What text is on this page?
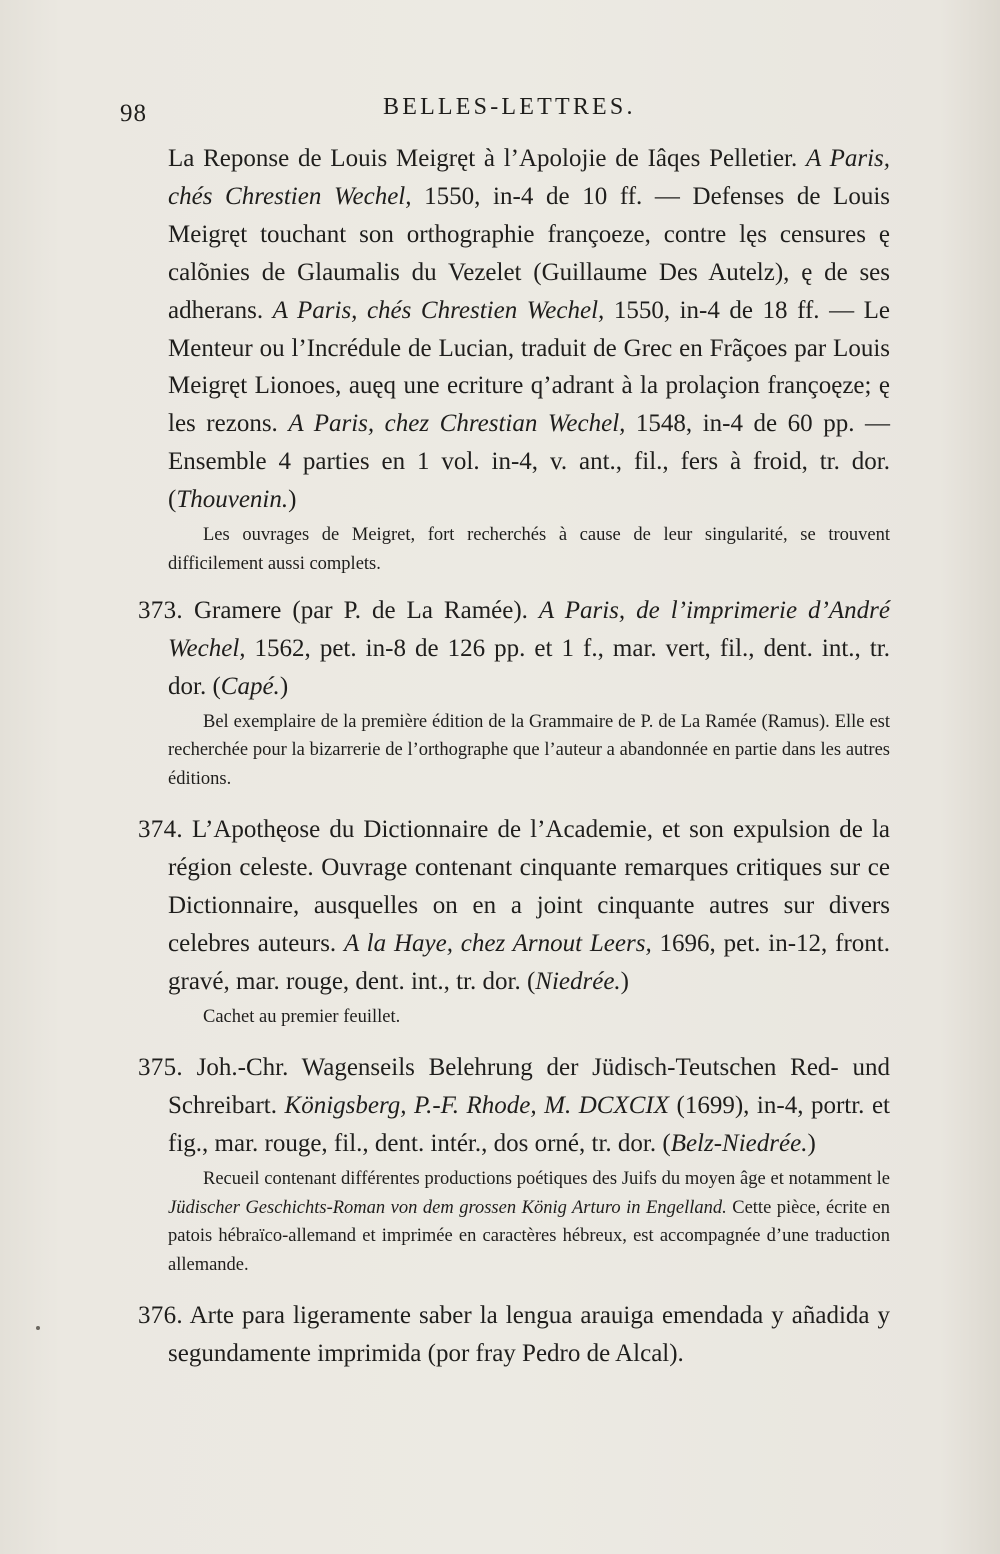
98	BELLES-LETTRES.

La Reponse de Louis Meigręt à l’Apolojie de Iâqes Pelletier. A Paris, chés Chrestien Wechel, 1550, in-4 de 10 ff. — Defenses de Louis Meigręt touchant son orthographie françoeze, contre lęs censures ę calõnies de Glaumalis du Vezelet (Guillaume Des Autelz), ę de ses adherans. A Paris, chés Chrestien Wechel, 1550, in-4 de 18 ff. — Le Menteur ou l’Incrédule de Lucian, traduit de Grec en Frãçoes par Louis Meigręt Lionoes, auęq une ecriture q’adrant à la prolaçion françoęze; ę les rezons. A Paris, chez Chrestian Wechel, 1548, in-4 de 60 pp. — Ensemble 4 parties en 1 vol. in-4, v. ant., fil., fers à froid, tr. dor. (Thouvenin.)

Les ouvrages de Meigret, fort recherchés à cause de leur singularité, se trouvent difficilement aussi complets.

373. Gramere (par P. de La Ramée). A Paris, de l’imprimerie d’André Wechel, 1562, pet. in-8 de 126 pp. et 1 f., mar. vert, fil., dent. int., tr. dor. (Capé.)

Bel exemplaire de la première édition de la Grammaire de P. de La Ramée (Ramus). Elle est recherchée pour la bizarrerie de l’orthographe que l’auteur a abandonnée en partie dans les autres éditions.

374. L’Apothęose du Dictionnaire de l’Academie, et son expulsion de la région celeste. Ouvrage contenant cinquante remarques critiques sur ce Dictionnaire, ausquelles on en a joint cinquante autres sur divers celebres auteurs. A la Haye, chez Arnout Leers, 1696, pet. in-12, front. gravé, mar. rouge, dent. int., tr. dor. (Niedrée.)

Cachet au premier feuillet.

375. Joh.-Chr. Wagenseils Belehrung der Jüdisch-Teutschen Red- und Schreibart. Königsberg, P.-F. Rhode, M. DCXCIX (1699), in-4, portr. et fig., mar. rouge, fil., dent. intér., dos orné, tr. dor. (Belz-Niedrée.)

Recueil contenant différentes productions poétiques des Juifs du moyen âge et notamment le Jüdischer Geschichts-Roman von dem grossen König Arturo in Engelland. Cette pièce, écrite en patois hébraïco-allemand et imprimée en caractères hébreux, est accompagnée d’une traduction allemande.

376. Arte para ligeramente saber la lengua arauiga emendada y añadida y segundamente imprimida (por fray Pedro de Alcal).
